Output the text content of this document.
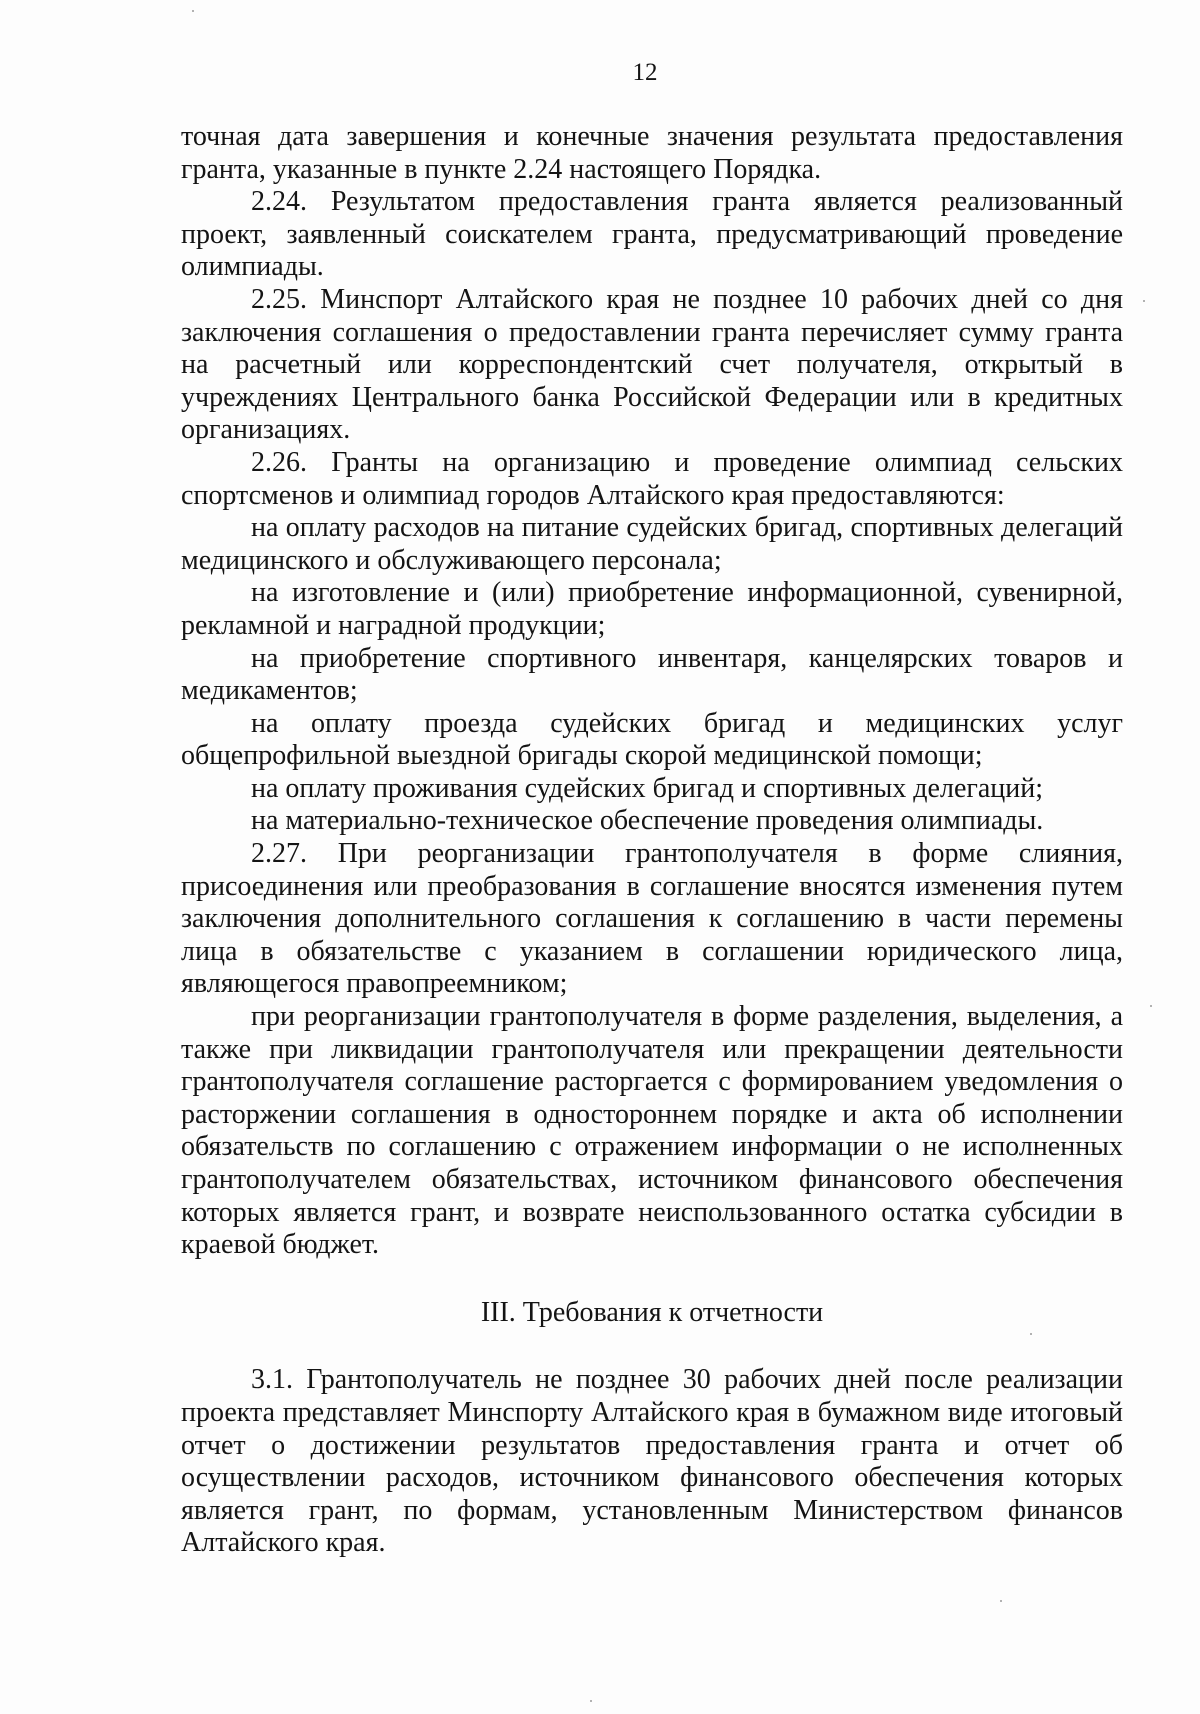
12

точная дата завершения и конечные значения результата предоставления гранта, указанные в пункте 2.24 настоящего Порядка.

2.24. Результатом предоставления гранта является реализованный проект, заявленный соискателем гранта, предусматривающий проведение олимпиады.

2.25. Минспорт Алтайского края не позднее 10 рабочих дней со дня заключения соглашения о предоставлении гранта перечисляет сумму гранта на расчетный или корреспондентский счет получателя, открытый в учреждениях Центрального банка Российской Федерации или в кредитных организациях.

2.26. Гранты на организацию и проведение олимпиад сельских спортсменов и олимпиад городов Алтайского края предоставляются:

на оплату расходов на питание судейских бригад, спортивных делегаций медицинского и обслуживающего персонала;

на изготовление и (или) приобретение информационной, сувенирной, рекламной и наградной продукции;

на приобретение спортивного инвентаря, канцелярских товаров и медикаментов;

на оплату проезда судейских бригад и медицинских услуг общепрофильной выездной бригады скорой медицинской помощи;

на оплату проживания судейских бригад и спортивных делегаций;

на материально-техническое обеспечение проведения олимпиады.

2.27. При реорганизации грантополучателя в форме слияния, присоединения или преобразования в соглашение вносятся изменения путем заключения дополнительного соглашения к соглашению в части перемены лица в обязательстве с указанием в соглашении юридического лица, являющегося правопреемником;

при реорганизации грантополучателя в форме разделения, выделения, а также при ликвидации грантополучателя или прекращении деятельности грантополучателя соглашение расторгается с формированием уведомления о расторжении соглашения в одностороннем порядке и акта об исполнении обязательств по соглашению с отражением информации о не исполненных грантополучателем обязательствах, источником финансового обеспечения которых является грант, и возврате неиспользованного остатка субсидии в краевой бюджет.

III. Требования к отчетности

3.1. Грантополучатель не позднее 30 рабочих дней после реализации проекта представляет Минспорту Алтайского края в бумажном виде итоговый отчет о достижении результатов предоставления гранта и отчет об осуществлении расходов, источником финансового обеспечения которых является грант, по формам, установленным Министерством финансов Алтайского края.
